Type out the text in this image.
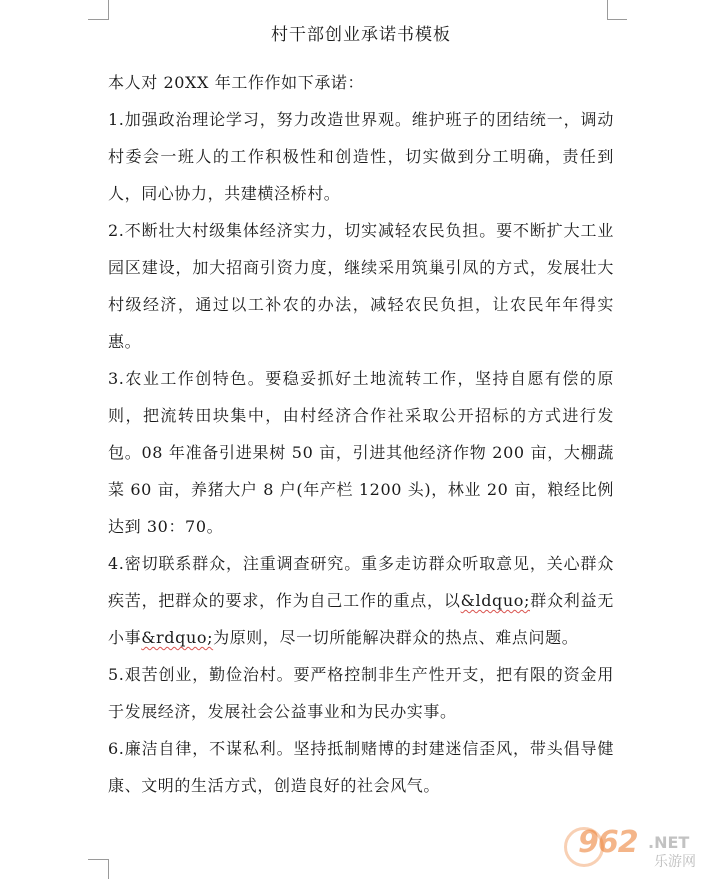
村干部创业承诺书模板

本人对 20XX 年工作作如下承诺：

1.加强政治理论学习，努力改造世界观。维护班子的团结统一，调动村委会一班人的工作积极性和创造性，切实做到分工明确，责任到人，同心协力，共建横泾桥村。

2.不断壮大村级集体经济实力，切实减轻农民负担。要不断扩大工业园区建设，加大招商引资力度，继续采用筑巢引凤的方式，发展壮大村级经济，通过以工补农的办法，减轻农民负担，让农民年年得实惠。

3.农业工作创特色。要稳妥抓好土地流转工作，坚持自愿有偿的原则，把流转田块集中，由村经济合作社采取公开招标的方式进行发包。08 年准备引进果树 50 亩，引进其他经济作物 200 亩，大棚蔬菜 60 亩，养猪大户 8 户(年产栏 1200 头)，林业 20 亩，粮经比例达到 30：70。

4.密切联系群众，注重调查研究。重多走访群众听取意见，关心群众疾苦，把群众的要求，作为自己工作的重点，以&ldquo;群众利益无小事&rdquo;为原则，尽一切所能解决群众的热点、难点问题。

5.艰苦创业，勤俭治村。要严格控制非生产性开支，把有限的资金用于发展经济，发展社会公益事业和为民办实事。

6.廉洁自律，不谋私利。坚持抵制赌博的封建迷信歪风，带头倡导健康、文明的生活方式，创造良好的社会风气。

962 .NET
乐游网
